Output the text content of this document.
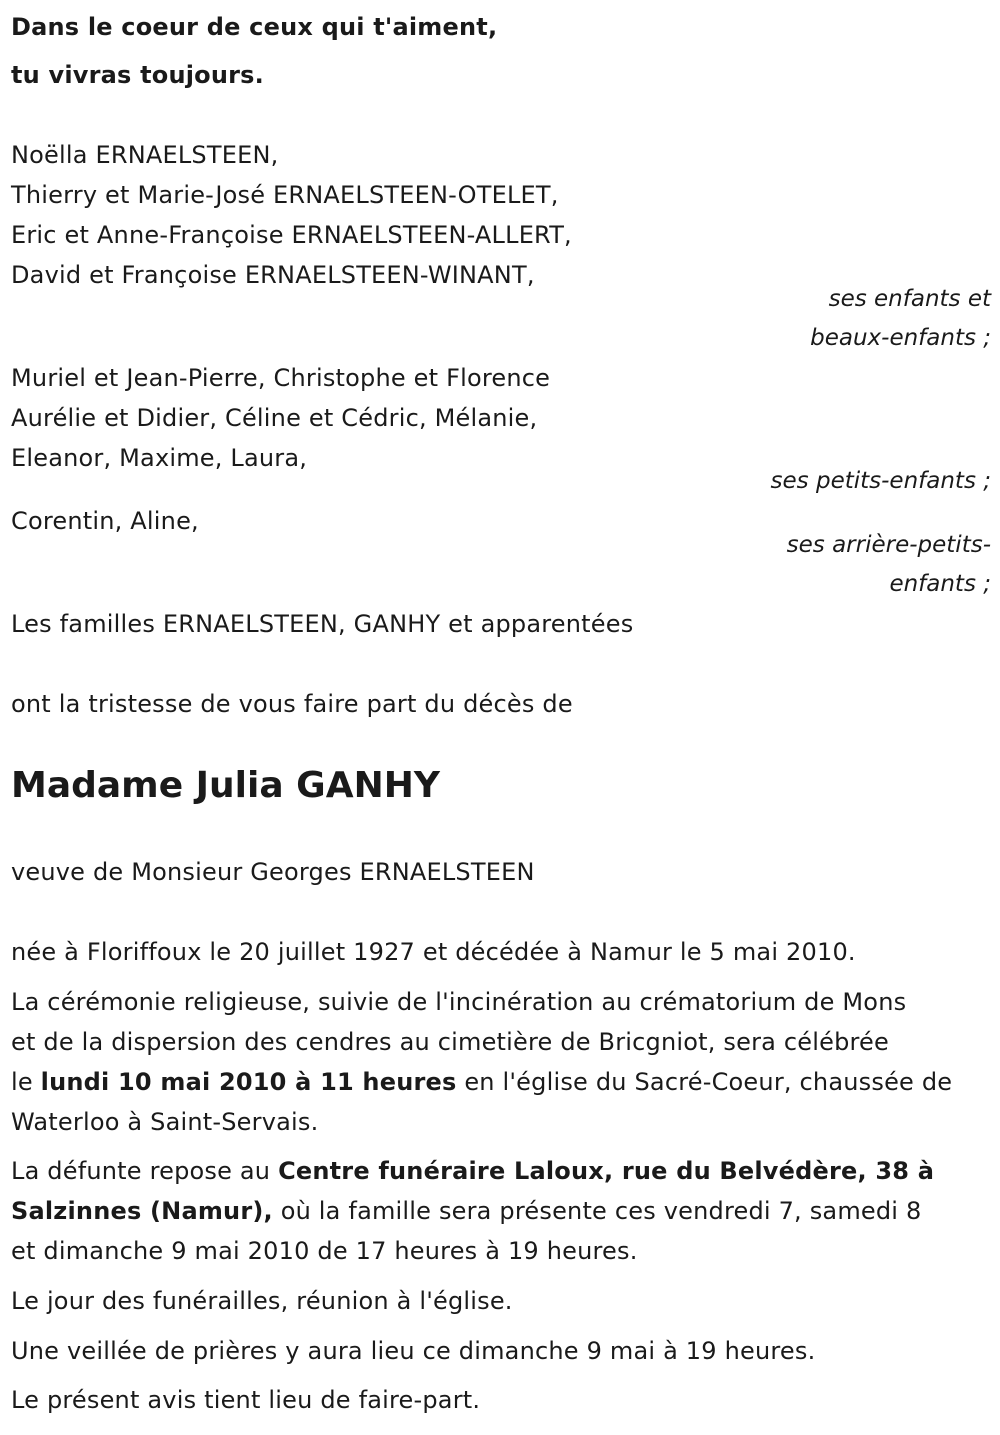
Dans le coeur de ceux qui t'aiment,
tu vivras toujours.
Noëlla ERNAELSTEEN,
Thierry et Marie-José ERNAELSTEEN-OTELET,
Eric et Anne-Françoise ERNAELSTEEN-ALLERT,
David et Françoise ERNAELSTEEN-WINANT,
ses enfants et
beaux-enfants ;
Muriel et Jean-Pierre, Christophe et Florence
Aurélie et Didier, Céline et Cédric, Mélanie,
Eleanor, Maxime, Laura,
ses petits-enfants ;
Corentin, Aline,
ses arrière-petits-
enfants ;
Les familles ERNAELSTEEN, GANHY et apparentées
ont la tristesse de vous faire part du décès de
Madame Julia GANHY
veuve de Monsieur Georges ERNAELSTEEN
née à Floriffoux le 20 juillet 1927 et décédée à Namur le 5 mai 2010.
La cérémonie religieuse, suivie de l'incinération au crématorium de Mons
et de la dispersion des cendres au cimetière de Bricgniot, sera célébrée
le lundi 10 mai 2010 à 11 heures en l'église du Sacré-Coeur, chaussée de
Waterloo à Saint-Servais.
La défunte repose au Centre funéraire Laloux, rue du Belvédère, 38 à
Salzinnes (Namur), où la famille sera présente ces vendredi 7, samedi 8
et dimanche 9 mai 2010 de 17 heures à 19 heures.
Le jour des funérailles, réunion à l'église.
Une veillée de prières y aura lieu ce dimanche 9 mai à 19 heures.
Le présent avis tient lieu de faire-part.
